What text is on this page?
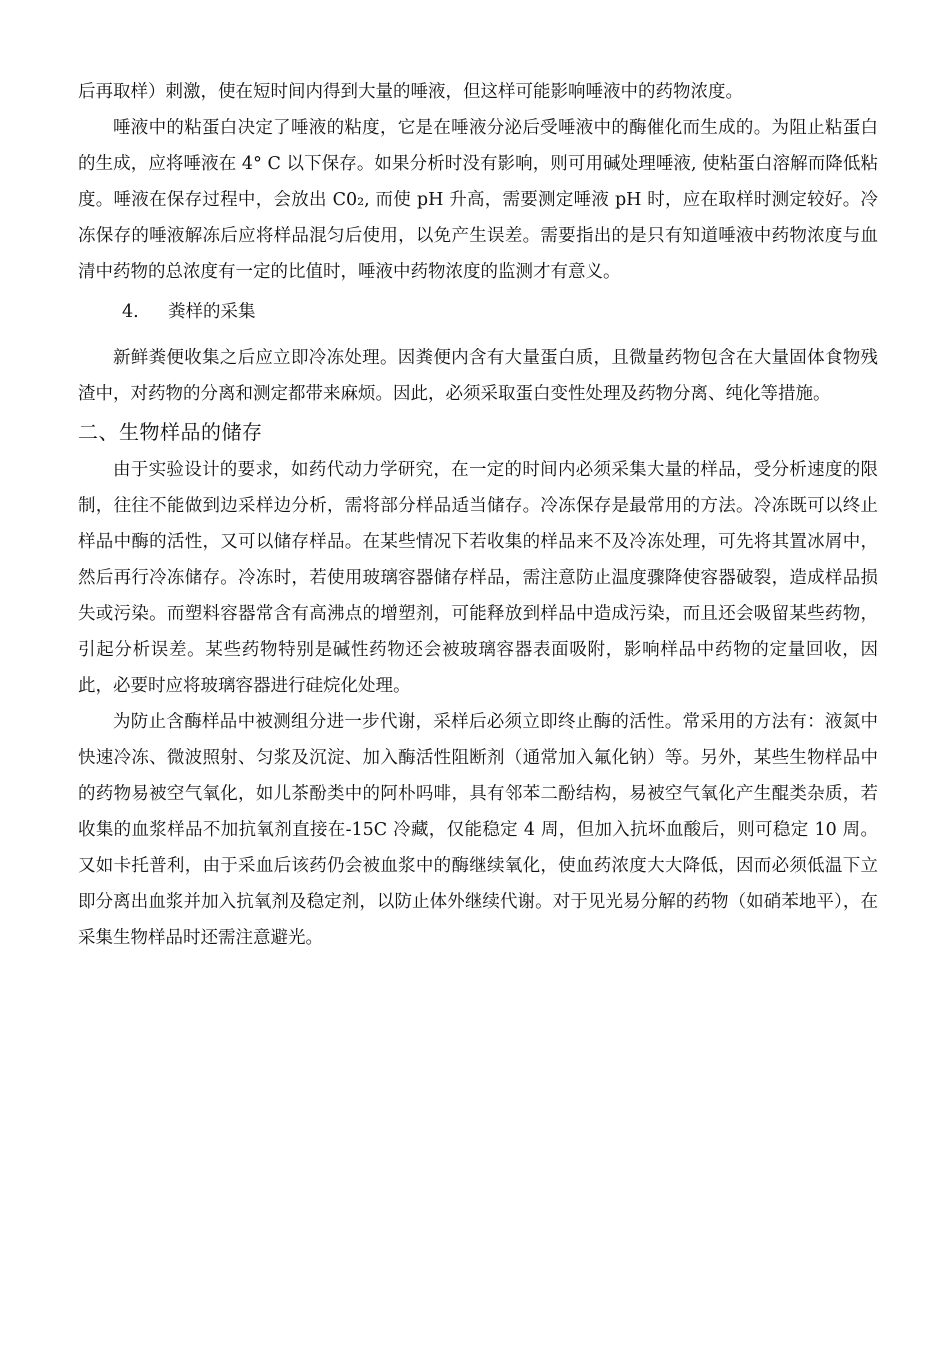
后再取样）刺激，使在短时间内得到大量的唾液，但这样可能影响唾液中的药物浓度。

唾液中的粘蛋白决定了唾液的粘度，它是在唾液分泌后受唾液中的酶催化而生成的。为阻止粘蛋白的生成，应将唾液在 4° C 以下保存。如果分析时没有影响，则可用碱处理唾液, 使粘蛋白溶解而降低粘度。唾液在保存过程中，会放出 C0₂, 而使 pH 升高，需要测定唾液 pH 时，应在取样时测定较好。冷冻保存的唾液解冻后应将样品混匀后使用，以免产生误差。需要指出的是只有知道唾液中药物浓度与血清中药物的总浓度有一定的比值时，唾液中药物浓度的监测才有意义。

4. 粪样的采集

新鲜粪便收集之后应立即冷冻处理。因粪便内含有大量蛋白质，且微量药物包含在大量固体食物残渣中，对药物的分离和测定都带来麻烦。因此，必须采取蛋白变性处理及药物分离、纯化等措施。

二、生物样品的储存

由于实验设计的要求，如药代动力学研究，在一定的时间内必须采集大量的样品，受分析速度的限制，往往不能做到边采样边分析，需将部分样品适当储存。冷冻保存是最常用的方法。冷冻既可以终止样品中酶的活性，又可以储存样品。在某些情况下若收集的样品来不及冷冻处理，可先将其置冰屑中，然后再行冷冻储存。冷冻时，若使用玻璃容器储存样品，需注意防止温度骤降使容器破裂，造成样品损失或污染。而塑料容器常含有高沸点的增塑剂，可能释放到样品中造成污染，而且还会吸留某些药物，引起分析误差。某些药物特别是碱性药物还会被玻璃容器表面吸附，影响样品中药物的定量回收，因此，必要时应将玻璃容器进行硅烷化处理。

为防止含酶样品中被测组分进一步代谢，采样后必须立即终止酶的活性。常采用的方法有：液氮中快速冷冻、微波照射、匀浆及沉淀、加入酶活性阻断剂（通常加入氟化钠）等。另外，某些生物样品中的药物易被空气氧化，如儿茶酚类中的阿朴吗啡，具有邻苯二酚结构，易被空气氧化产生醌类杂质，若收集的血浆样品不加抗氧剂直接在-15C 冷藏，仅能稳定 4 周，但加入抗坏血酸后，则可稳定 10 周。又如卡托普利，由于采血后该药仍会被血浆中的酶继续氧化，使血药浓度大大降低，因而必须低温下立即分离出血浆并加入抗氧剂及稳定剂，以防止体外继续代谢。对于见光易分解的药物（如硝苯地平），在采集生物样品时还需注意避光。
